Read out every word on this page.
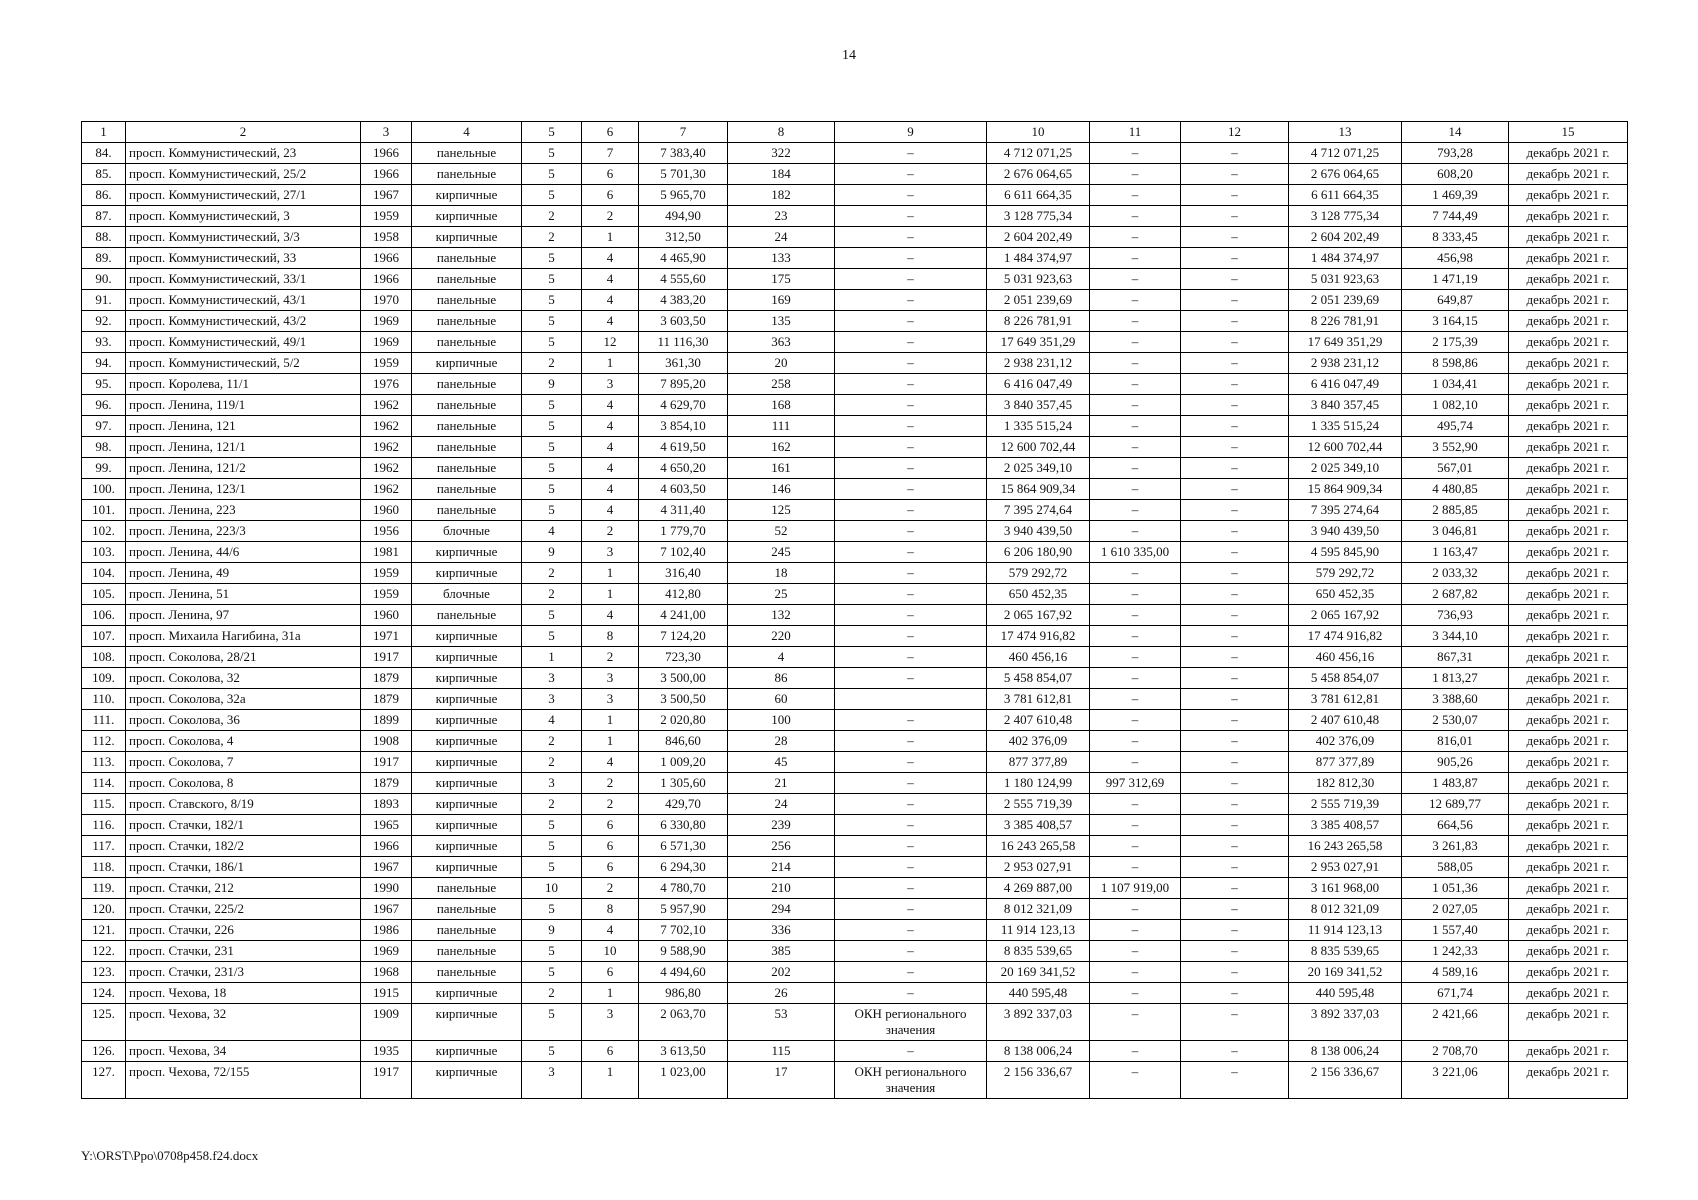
14
1	2	3	4	5	6	7	8	9	10	11	12	13	14	15
84.	просп. Коммунистический, 23	1966	панельные	5	7	7 383,40	322	–	4 712 071,25	–	–	4 712 071,25	793,28	декабрь 2021 г.
85.	просп. Коммунистический, 25/2	1966	панельные	5	6	5 701,30	184	–	2 676 064,65	–	–	2 676 064,65	608,20	декабрь 2021 г.
86.	просп. Коммунистический, 27/1	1967	кирпичные	5	6	5 965,70	182	–	6 611 664,35	–	–	6 611 664,35	1 469,39	декабрь 2021 г.
87.	просп. Коммунистический, 3	1959	кирпичные	2	2	494,90	23	–	3 128 775,34	–	–	3 128 775,34	7 744,49	декабрь 2021 г.
88.	просп. Коммунистический, 3/3	1958	кирпичные	2	1	312,50	24	–	2 604 202,49	–	–	2 604 202,49	8 333,45	декабрь 2021 г.
89.	просп. Коммунистический, 33	1966	панельные	5	4	4 465,90	133	–	1 484 374,97	–	–	1 484 374,97	456,98	декабрь 2021 г.
90.	просп. Коммунистический, 33/1	1966	панельные	5	4	4 555,60	175	–	5 031 923,63	–	–	5 031 923,63	1 471,19	декабрь 2021 г.
91.	просп. Коммунистический, 43/1	1970	панельные	5	4	4 383,20	169	–	2 051 239,69	–	–	2 051 239,69	649,87	декабрь 2021 г.
92.	просп. Коммунистический, 43/2	1969	панельные	5	4	3 603,50	135	–	8 226 781,91	–	–	8 226 781,91	3 164,15	декабрь 2021 г.
93.	просп. Коммунистический, 49/1	1969	панельные	5	12	11 116,30	363	–	17 649 351,29	–	–	17 649 351,29	2 175,39	декабрь 2021 г.
94.	просп. Коммунистический, 5/2	1959	кирпичные	2	1	361,30	20	–	2 938 231,12	–	–	2 938 231,12	8 598,86	декабрь 2021 г.
95.	просп. Королева, 11/1	1976	панельные	9	3	7 895,20	258	–	6 416 047,49	–	–	6 416 047,49	1 034,41	декабрь 2021 г.
96.	просп. Ленина, 119/1	1962	панельные	5	4	4 629,70	168	–	3 840 357,45	–	–	3 840 357,45	1 082,10	декабрь 2021 г.
97.	просп. Ленина, 121	1962	панельные	5	4	3 854,10	111	–	1 335 515,24	–	–	1 335 515,24	495,74	декабрь 2021 г.
98.	просп. Ленина, 121/1	1962	панельные	5	4	4 619,50	162	–	12 600 702,44	–	–	12 600 702,44	3 552,90	декабрь 2021 г.
99.	просп. Ленина, 121/2	1962	панельные	5	4	4 650,20	161	–	2 025 349,10	–	–	2 025 349,10	567,01	декабрь 2021 г.
100.	просп. Ленина, 123/1	1962	панельные	5	4	4 603,50	146	–	15 864 909,34	–	–	15 864 909,34	4 480,85	декабрь 2021 г.
101.	просп. Ленина, 223	1960	панельные	5	4	4 311,40	125	–	7 395 274,64	–	–	7 395 274,64	2 885,85	декабрь 2021 г.
102.	просп. Ленина, 223/3	1956	блочные	4	2	1 779,70	52	–	3 940 439,50	–	–	3 940 439,50	3 046,81	декабрь 2021 г.
103.	просп. Ленина, 44/6	1981	кирпичные	9	3	7 102,40	245	–	6 206 180,90	1 610 335,00	–	4 595 845,90	1 163,47	декабрь 2021 г.
104.	просп. Ленина, 49	1959	кирпичные	2	1	316,40	18	–	579 292,72	–	–	579 292,72	2 033,32	декабрь 2021 г.
105.	просп. Ленина, 51	1959	блочные	2	1	412,80	25	–	650 452,35	–	–	650 452,35	2 687,82	декабрь 2021 г.
106.	просп. Ленина, 97	1960	панельные	5	4	4 241,00	132	–	2 065 167,92	–	–	2 065 167,92	736,93	декабрь 2021 г.
107.	просп. Михаила Нагибина, 31а	1971	кирпичные	5	8	7 124,20	220	–	17 474 916,82	–	–	17 474 916,82	3 344,10	декабрь 2021 г.
108.	просп. Соколова, 28/21	1917	кирпичные	1	2	723,30	4	–	460 456,16	–	–	460 456,16	867,31	декабрь 2021 г.
109.	просп. Соколова, 32	1879	кирпичные	3	3	3 500,00	86	–	5 458 854,07	–	–	5 458 854,07	1 813,27	декабрь 2021 г.
110.	просп. Соколова, 32а	1879	кирпичные	3	3	3 500,50	60		3 781 612,81	–	–	3 781 612,81	3 388,60	декабрь 2021 г.
111.	просп. Соколова, 36	1899	кирпичные	4	1	2 020,80	100	–	2 407 610,48	–	–	2 407 610,48	2 530,07	декабрь 2021 г.
112.	просп. Соколова, 4	1908	кирпичные	2	1	846,60	28	–	402 376,09	–	–	402 376,09	816,01	декабрь 2021 г.
113.	просп. Соколова, 7	1917	кирпичные	2	4	1 009,20	45	–	877 377,89	–	–	877 377,89	905,26	декабрь 2021 г.
114.	просп. Соколова, 8	1879	кирпичные	3	2	1 305,60	21	–	1 180 124,99	997 312,69	–	182 812,30	1 483,87	декабрь 2021 г.
115.	просп. Ставского, 8/19	1893	кирпичные	2	2	429,70	24	–	2 555 719,39	–	–	2 555 719,39	12 689,77	декабрь 2021 г.
116.	просп. Стачки, 182/1	1965	кирпичные	5	6	6 330,80	239	–	3 385 408,57	–	–	3 385 408,57	664,56	декабрь 2021 г.
117.	просп. Стачки, 182/2	1966	кирпичные	5	6	6 571,30	256	–	16 243 265,58	–	–	16 243 265,58	3 261,83	декабрь 2021 г.
118.	просп. Стачки, 186/1	1967	кирпичные	5	6	6 294,30	214	–	2 953 027,91	–	–	2 953 027,91	588,05	декабрь 2021 г.
119.	просп. Стачки, 212	1990	панельные	10	2	4 780,70	210	–	4 269 887,00	1 107 919,00	–	3 161 968,00	1 051,36	декабрь 2021 г.
120.	просп. Стачки, 225/2	1967	панельные	5	8	5 957,90	294	–	8 012 321,09	–	–	8 012 321,09	2 027,05	декабрь 2021 г.
121.	просп. Стачки, 226	1986	панельные	9	4	7 702,10	336	–	11 914 123,13	–	–	11 914 123,13	1 557,40	декабрь 2021 г.
122.	просп. Стачки, 231	1969	панельные	5	10	9 588,90	385	–	8 835 539,65	–	–	8 835 539,65	1 242,33	декабрь 2021 г.
123.	просп. Стачки, 231/3	1968	панельные	5	6	4 494,60	202	–	20 169 341,52	–	–	20 169 341,52	4 589,16	декабрь 2021 г.
124.	просп. Чехова, 18	1915	кирпичные	2	1	986,80	26	–	440 595,48	–	–	440 595,48	671,74	декабрь 2021 г.
125.	просп. Чехова, 32	1909	кирпичные	5	3	2 063,70	53	ОКН регионального значения	3 892 337,03	–	–	3 892 337,03	2 421,66	декабрь 2021 г.
126.	просп. Чехова, 34	1935	кирпичные	5	6	3 613,50	115	–	8 138 006,24	–	–	8 138 006,24	2 708,70	декабрь 2021 г.
127.	просп. Чехова, 72/155	1917	кирпичные	3	1	1 023,00	17	ОКН регионального значения	2 156 336,67	–	–	2 156 336,67	3 221,06	декабрь 2021 г.
Y:\ORST\Ppo\0708p458.f24.docx
